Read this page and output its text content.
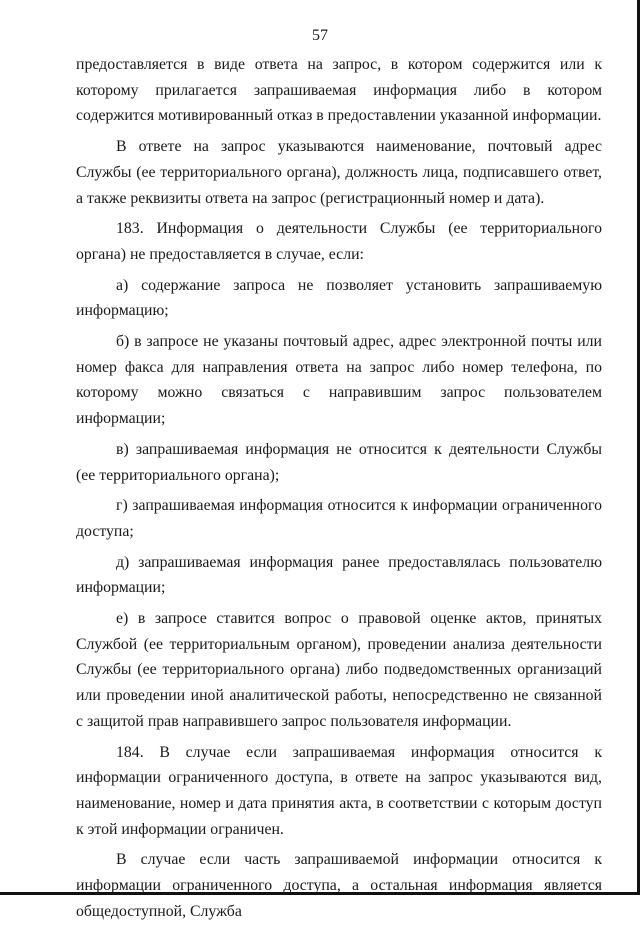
57

предоставляется в виде ответа на запрос, в котором содержится или к которому прилагается запрашиваемая информация либо в котором содержится мотивированный отказ в предоставлении указанной информации.

В ответе на запрос указываются наименование, почтовый адрес Службы (ее территориального органа), должность лица, подписавшего ответ, а также реквизиты ответа на запрос (регистрационный номер и дата).

183. Информация о деятельности Службы (ее территориального органа) не предоставляется в случае, если:

а) содержание запроса не позволяет установить запрашиваемую информацию;

б) в запросе не указаны почтовый адрес, адрес электронной почты или номер факса для направления ответа на запрос либо номер телефона, по которому можно связаться с направившим запрос пользователем информации;

в) запрашиваемая информация не относится к деятельности Службы (ее территориального органа);

г) запрашиваемая информация относится к информации ограниченного доступа;

д) запрашиваемая информация ранее предоставлялась пользователю информации;

е) в запросе ставится вопрос о правовой оценке актов, принятых Службой (ее территориальным органом), проведении анализа деятельности Службы (ее территориального органа) либо подведомственных организаций или проведении иной аналитической работы, непосредственно не связанной с защитой прав направившего запрос пользователя информации.

184. В случае если запрашиваемая информация относится к информации ограниченного доступа, в ответе на запрос указываются вид, наименование, номер и дата принятия акта, в соответствии с которым доступ к этой информации ограничен.

В случае если часть запрашиваемой информации относится к информации ограниченного доступа, а остальная информация является общедоступной, Служба
